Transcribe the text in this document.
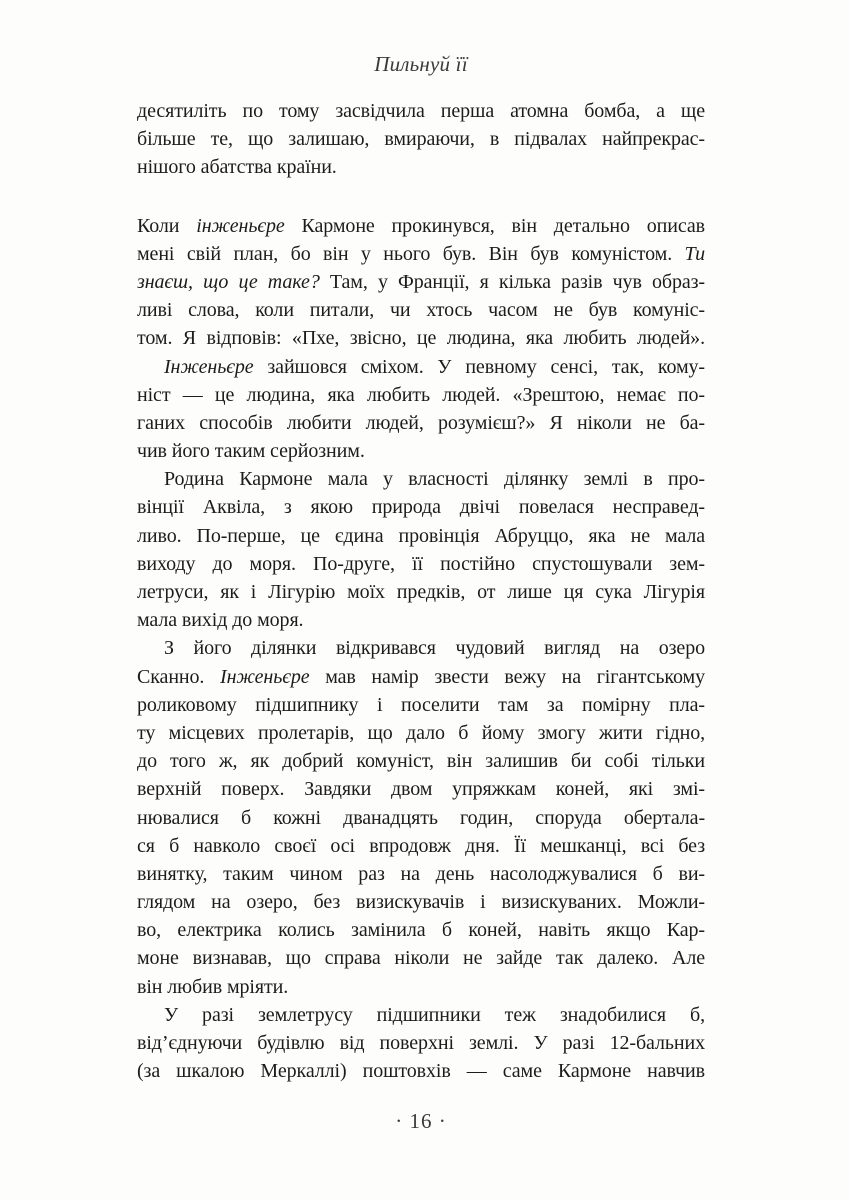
Пильнуй її
десятиліть по тому засвідчила перша атомна бомба, а ще
більше те, що залишаю, вмираючи, в підвалах найпрекрас-
нішого абатства країни.
Коли інженьєре Кармоне прокинувся, він детально описав
мені свій план, бо він у нього був. Він був комуністом. Ти
знаєш, що це таке? Там, у Франції, я кілька разів чув образ-
ливі слова, коли питали, чи хтось часом не був комуніс-
том. Я відповів: «Пхе, звісно, це людина, яка любить людей».
Інженьєре зайшовся сміхом. У певному сенсі, так, кому-
ніст — це людина, яка любить людей. «Зрештою, немає по-
ганих способів любити людей, розумієш?» Я ніколи не ба-
чив його таким серйозним.
Родина Кармоне мала у власності ділянку землі в про-
вінції Аквіла, з якою природа двічі повелася несправед-
ливо. По-перше, це єдина провінція Абруццо, яка не мала
виходу до моря. По-друге, її постійно спустошували зем-
летруси, як і Лігурію моїх предків, от лише ця сука Лігурія
мала вихід до моря.
З його ділянки відкривався чудовий вигляд на озеро
Сканно. Інженьєре мав намір звести вежу на гігантському
роликовому підшипнику і поселити там за помірну пла-
ту місцевих пролетарів, що дало б йому змогу жити гідно,
до того ж, як добрий комуніст, він залишив би собі тільки
верхній поверх. Завдяки двом упряжкам коней, які змі-
нювалися б кожні дванадцять годин, споруда обертала-
ся б навколо своєї осі впродовж дня. Її мешканці, всі без
винятку, таким чином раз на день насолоджувалися б ви-
глядом на озеро, без визискувачів і визискуваних. Можли-
во, електрика колись замінила б коней, навіть якщо Кар-
моне визнавав, що справа ніколи не зайде так далеко. Але
він любив мріяти.
У разі землетрусу підшипники теж знадобилися б,
від’єднуючи будівлю від поверхні землі. У разі 12-бальних
(за шкалою Меркаллі) поштовхів — саме Кармоне навчив
· 16 ·
